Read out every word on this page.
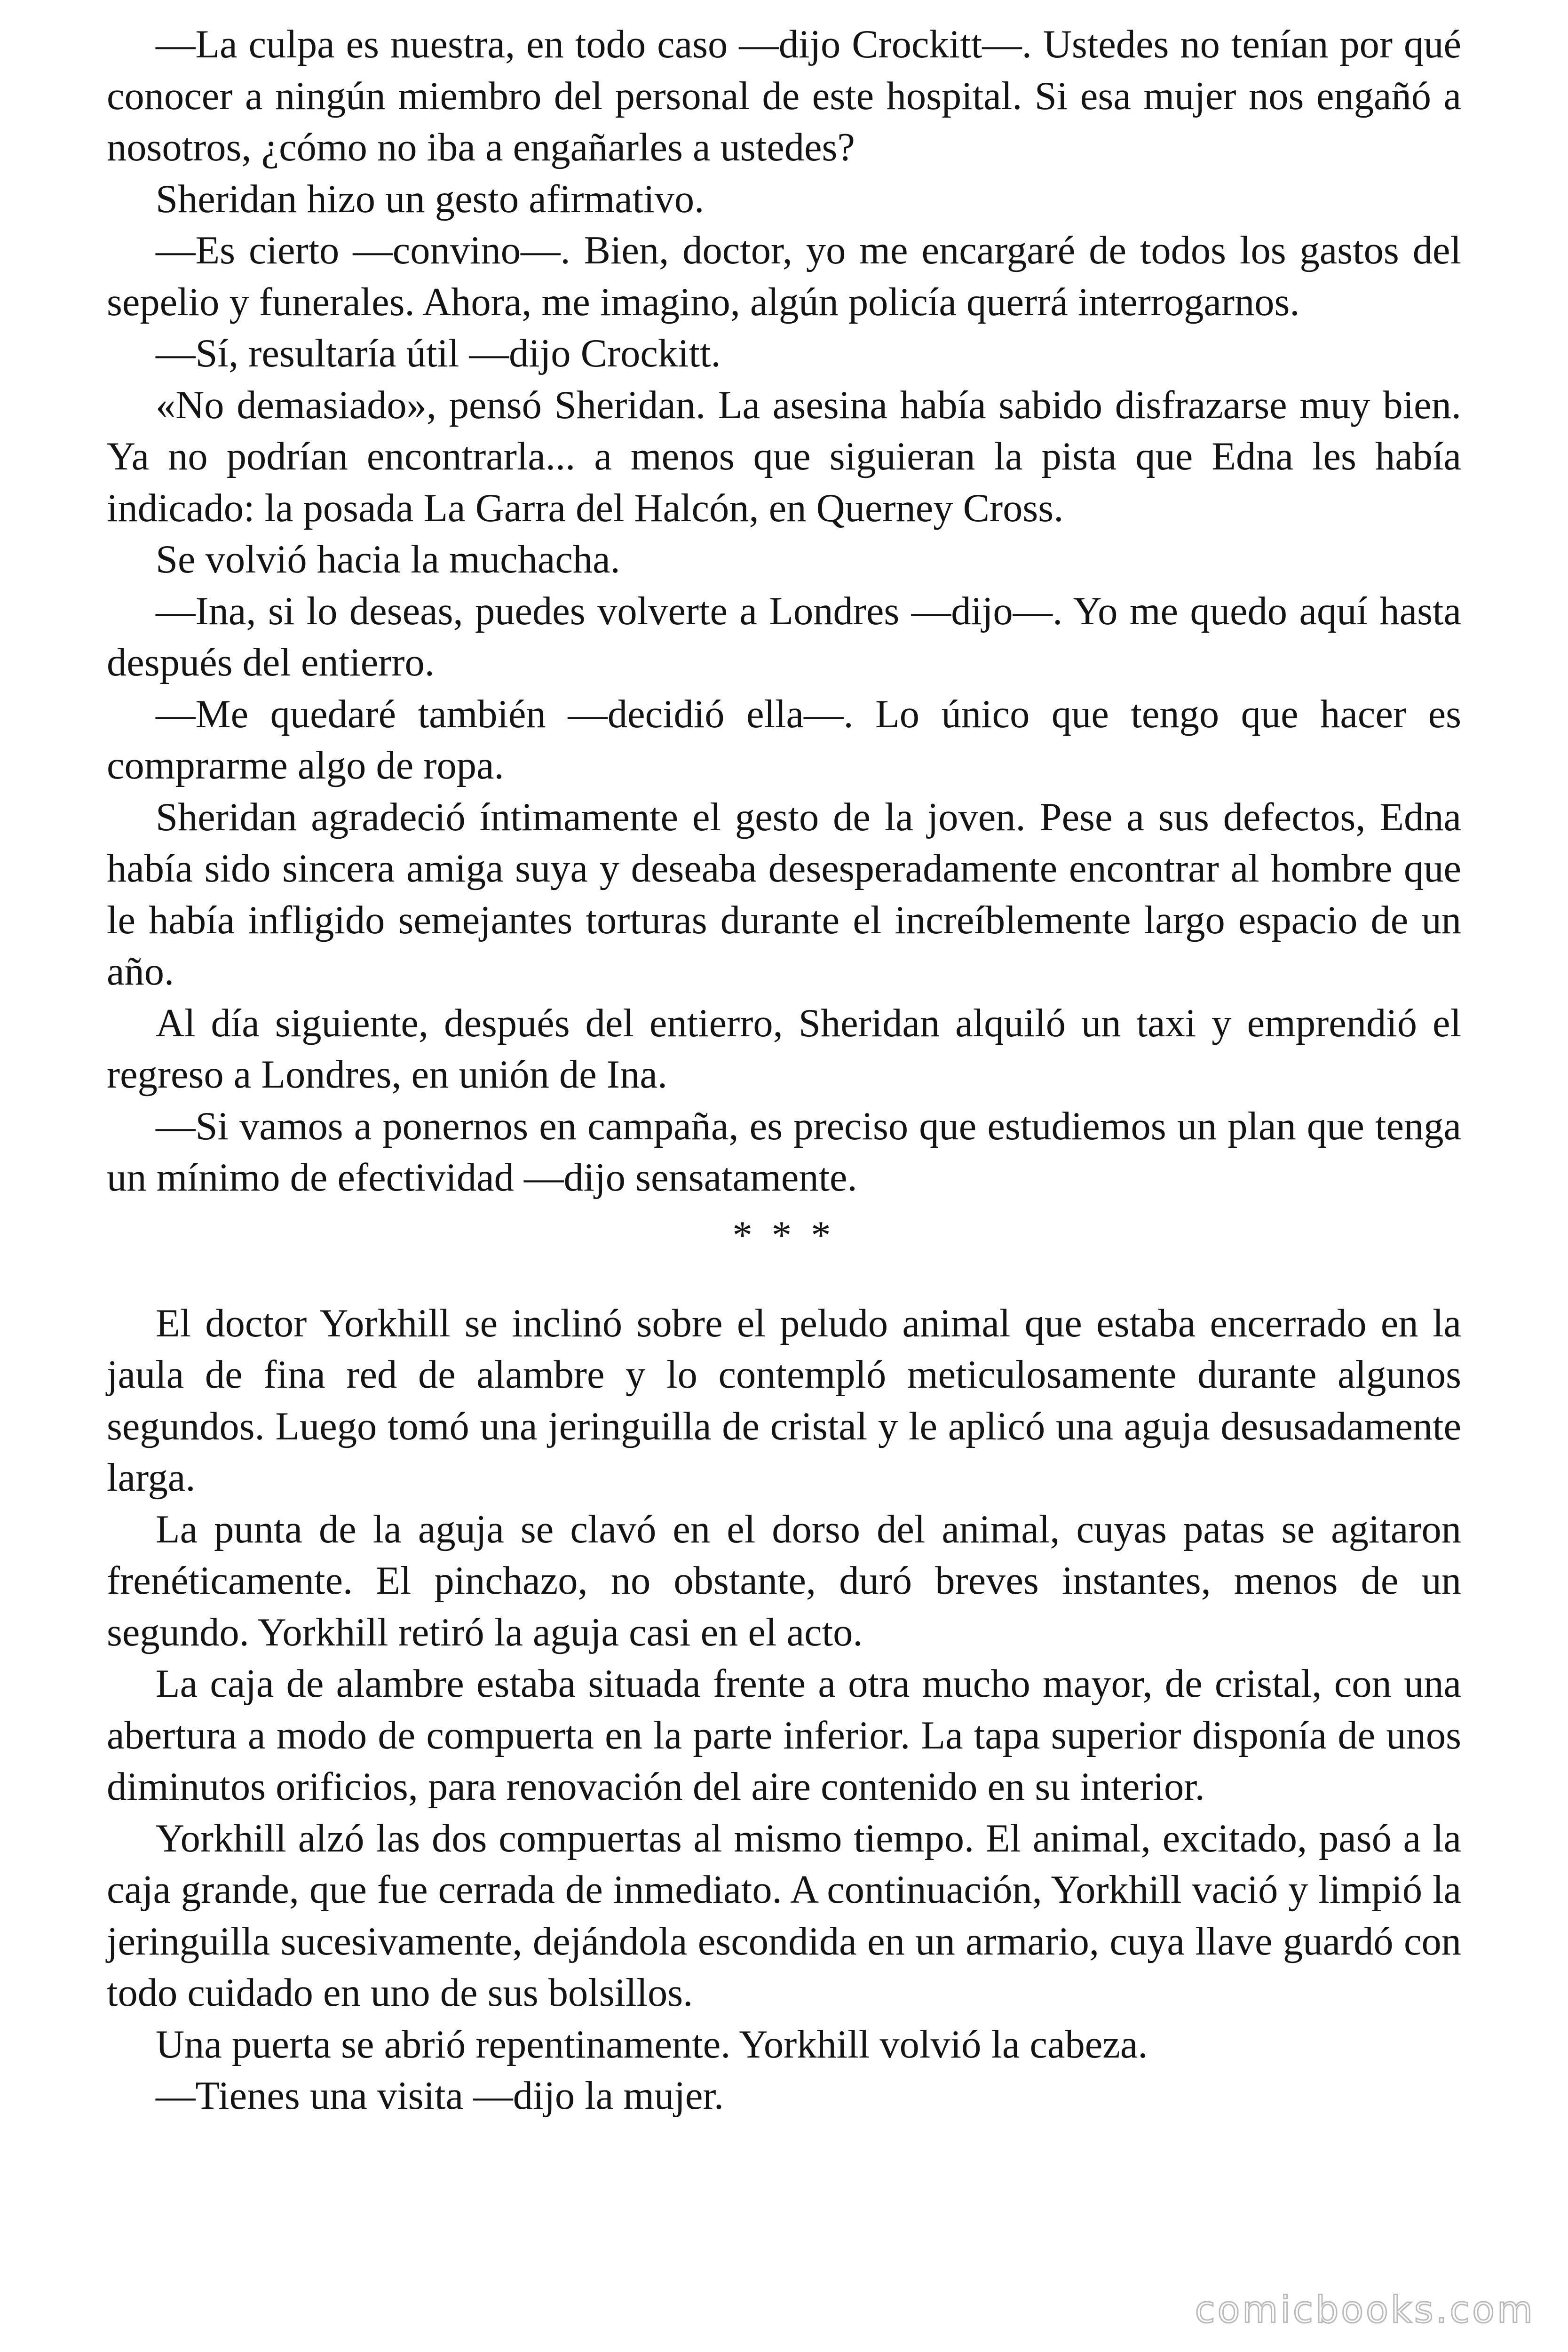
—La culpa es nuestra, en todo caso —dijo Crockitt—. Ustedes no tenían por qué conocer a ningún miembro del personal de este hospital. Si esa mujer nos engañó a nosotros, ¿cómo no iba a engañarles a ustedes?

Sheridan hizo un gesto afirmativo.

—Es cierto —convino—. Bien, doctor, yo me encargaré de todos los gastos del sepelio y funerales. Ahora, me imagino, algún policía querrá interrogarnos.

—Sí, resultaría útil —dijo Crockitt.

«No demasiado», pensó Sheridan. La asesina había sabido disfrazarse muy bien. Ya no podrían encontrarla... a menos que siguieran la pista que Edna les había indicado: la posada La Garra del Halcón, en Querney Cross.

Se volvió hacia la muchacha.

—Ina, si lo deseas, puedes volverte a Londres —dijo—. Yo me quedo aquí hasta después del entierro.

—Me quedaré también —decidió ella—. Lo único que tengo que hacer es comprarme algo de ropa.

Sheridan agradeció íntimamente el gesto de la joven. Pese a sus defectos, Edna había sido sincera amiga suya y deseaba desesperadamente encontrar al hombre que le había infligido semejantes torturas durante el increíblemente largo espacio de un año.

Al día siguiente, después del entierro, Sheridan alquiló un taxi y emprendió el regreso a Londres, en unión de Ina.

—Si vamos a ponernos en campaña, es preciso que estudiemos un plan que tenga un mínimo de efectividad —dijo sensatamente.

* * *

El doctor Yorkhill se inclinó sobre el peludo animal que estaba encerrado en la jaula de fina red de alambre y lo contempló meticulosamente durante algunos segundos. Luego tomó una jeringuilla de cristal y le aplicó una aguja desusadamente larga.

La punta de la aguja se clavó en el dorso del animal, cuyas patas se agitaron frenéticamente. El pinchazo, no obstante, duró breves instantes, menos de un segundo. Yorkhill retiró la aguja casi en el acto.

La caja de alambre estaba situada frente a otra mucho mayor, de cristal, con una abertura a modo de compuerta en la parte inferior. La tapa superior disponía de unos diminutos orificios, para renovación del aire contenido en su interior.

Yorkhill alzó las dos compuertas al mismo tiempo. El animal, excitado, pasó a la caja grande, que fue cerrada de inmediato. A continuación, Yorkhill vació y limpió la jeringuilla sucesivamente, dejándola escondida en un armario, cuya llave guardó con todo cuidado en uno de sus bolsillos.

Una puerta se abrió repentinamente. Yorkhill volvió la cabeza.

—Tienes una visita —dijo la mujer.

comicbooks.com
